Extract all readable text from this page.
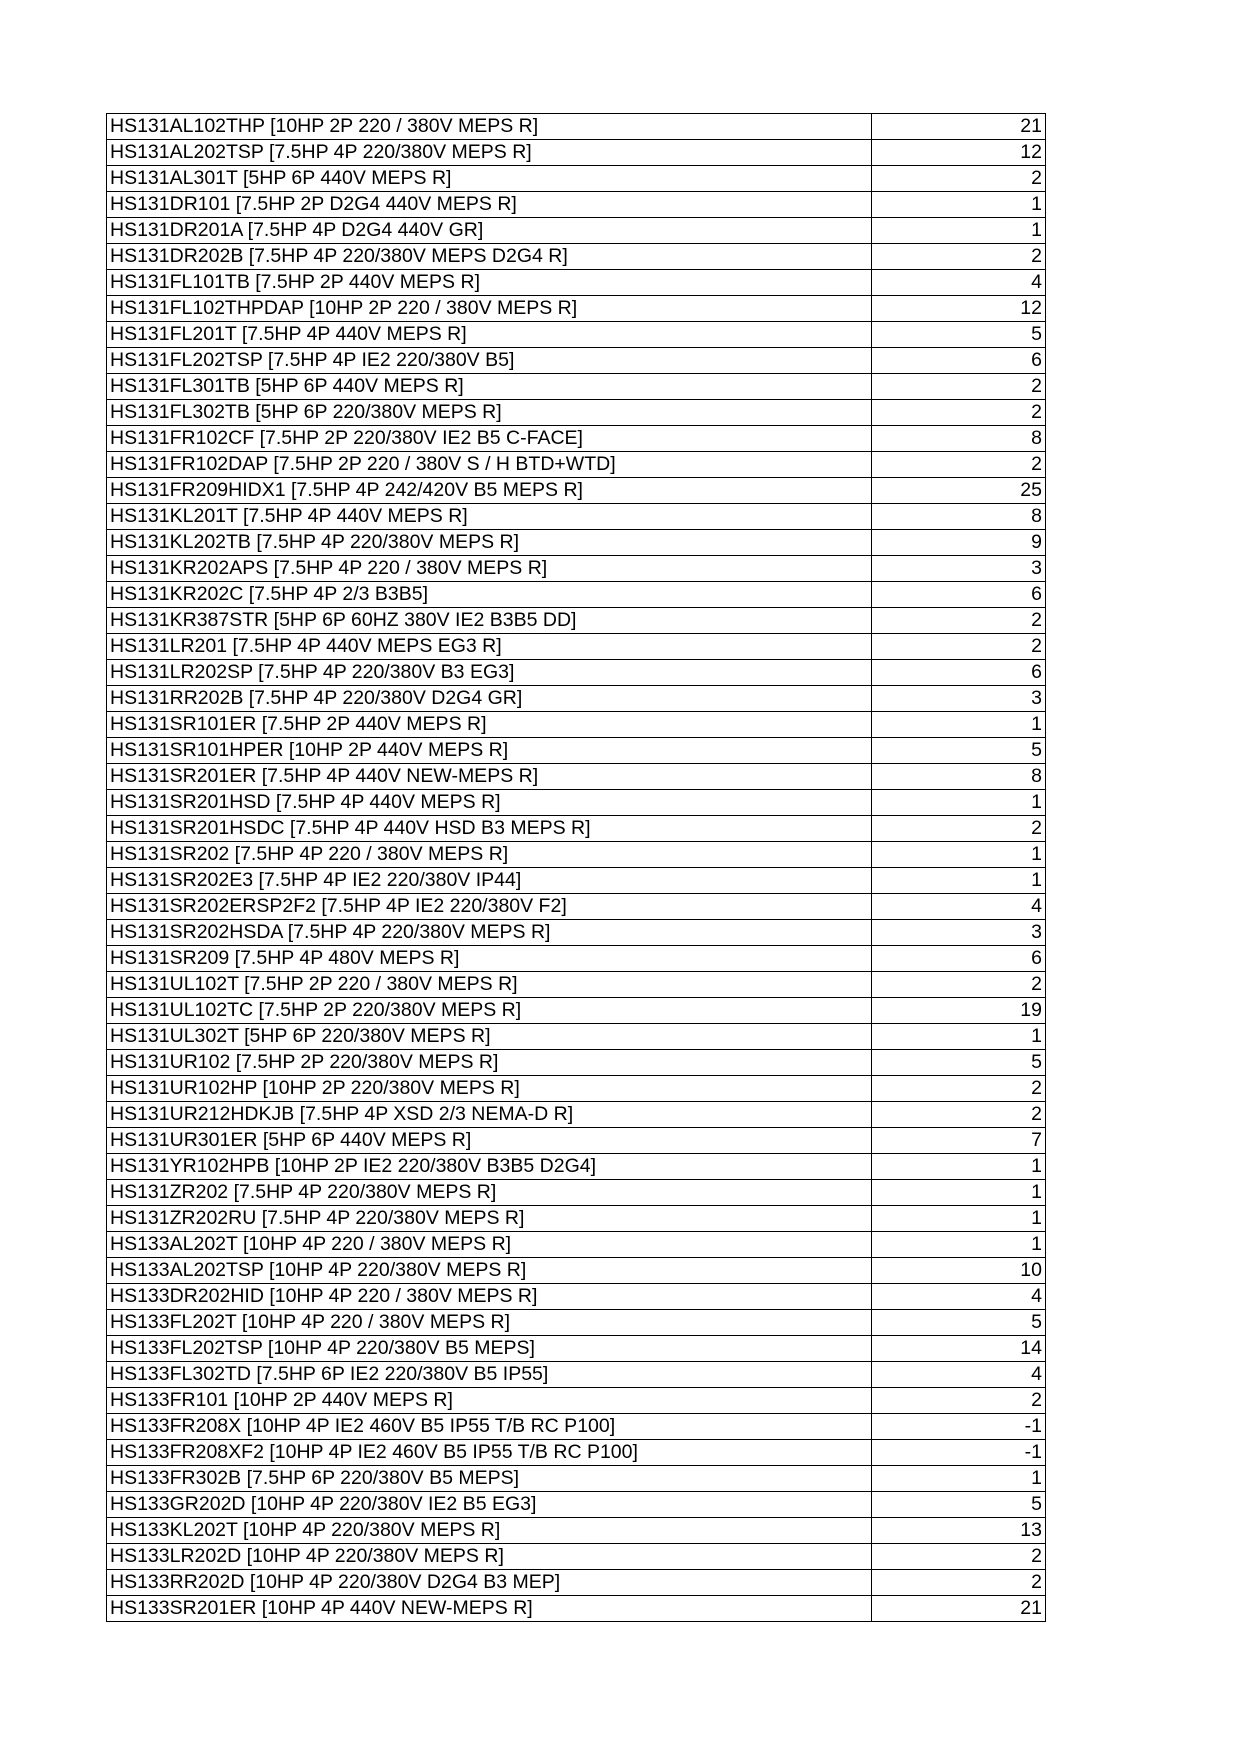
HS131AL102THP [10HP 2P 220 / 380V MEPS R]	21
HS131AL202TSP [7.5HP 4P 220/380V MEPS R]	12
HS131AL301T [5HP 6P 440V MEPS R]	2
HS131DR101 [7.5HP 2P D2G4 440V MEPS R]	1
HS131DR201A [7.5HP 4P D2G4 440V GR]	1
HS131DR202B [7.5HP 4P 220/380V MEPS D2G4 R]	2
HS131FL101TB [7.5HP 2P 440V MEPS R]	4
HS131FL102THPDAP [10HP 2P 220 / 380V MEPS R]	12
HS131FL201T [7.5HP 4P 440V MEPS R]	5
HS131FL202TSP [7.5HP 4P IE2 220/380V B5]	6
HS131FL301TB [5HP 6P 440V MEPS R]	2
HS131FL302TB [5HP 6P 220/380V MEPS R]	2
HS131FR102CF [7.5HP 2P 220/380V IE2 B5 C-FACE]	8
HS131FR102DAP [7.5HP 2P 220 / 380V S / H BTD+WTD]	2
HS131FR209HIDX1 [7.5HP 4P 242/420V B5 MEPS R]	25
HS131KL201T [7.5HP 4P 440V MEPS R]	8
HS131KL202TB [7.5HP 4P 220/380V MEPS R]	9
HS131KR202APS [7.5HP 4P 220 / 380V MEPS R]	3
HS131KR202C [7.5HP 4P 2/3 B3B5]	6
HS131KR387STR [5HP 6P 60HZ 380V IE2 B3B5 DD]	2
HS131LR201 [7.5HP 4P 440V MEPS EG3 R]	2
HS131LR202SP [7.5HP 4P 220/380V B3 EG3]	6
HS131RR202B [7.5HP 4P 220/380V D2G4 GR]	3
HS131SR101ER [7.5HP 2P 440V MEPS R]	1
HS131SR101HPER [10HP 2P 440V MEPS R]	5
HS131SR201ER [7.5HP 4P 440V NEW-MEPS R]	8
HS131SR201HSD [7.5HP 4P 440V MEPS R]	1
HS131SR201HSDC [7.5HP 4P 440V HSD B3 MEPS R]	2
HS131SR202 [7.5HP 4P 220 / 380V MEPS R]	1
HS131SR202E3 [7.5HP 4P IE2 220/380V IP44]	1
HS131SR202ERSP2F2 [7.5HP 4P IE2 220/380V F2]	4
HS131SR202HSDA [7.5HP 4P 220/380V MEPS R]	3
HS131SR209 [7.5HP 4P 480V MEPS R]	6
HS131UL102T [7.5HP 2P 220 / 380V MEPS R]	2
HS131UL102TC [7.5HP 2P 220/380V MEPS R]	19
HS131UL302T [5HP 6P 220/380V MEPS R]	1
HS131UR102 [7.5HP 2P 220/380V MEPS R]	5
HS131UR102HP [10HP 2P 220/380V MEPS R]	2
HS131UR212HDKJB [7.5HP 4P XSD 2/3 NEMA-D R]	2
HS131UR301ER [5HP 6P 440V MEPS R]	7
HS131YR102HPB [10HP 2P IE2 220/380V B3B5 D2G4]	1
HS131ZR202 [7.5HP 4P 220/380V MEPS R]	1
HS131ZR202RU [7.5HP 4P 220/380V MEPS R]	1
HS133AL202T [10HP 4P 220 / 380V MEPS R]	1
HS133AL202TSP [10HP 4P 220/380V MEPS R]	10
HS133DR202HID [10HP 4P 220 / 380V MEPS R]	4
HS133FL202T [10HP 4P 220 / 380V MEPS R]	5
HS133FL202TSP [10HP 4P 220/380V B5 MEPS]	14
HS133FL302TD [7.5HP 6P IE2 220/380V B5 IP55]	4
HS133FR101 [10HP 2P 440V MEPS R]	2
HS133FR208X [10HP 4P IE2 460V B5 IP55 T/B RC P100]	-1
HS133FR208XF2 [10HP 4P IE2 460V B5 IP55 T/B RC P100]	-1
HS133FR302B [7.5HP 6P 220/380V B5 MEPS]	1
HS133GR202D [10HP 4P 220/380V IE2 B5 EG3]	5
HS133KL202T [10HP 4P 220/380V MEPS R]	13
HS133LR202D [10HP 4P 220/380V MEPS R]	2
HS133RR202D [10HP 4P 220/380V D2G4 B3 MEP]	2
HS133SR201ER [10HP 4P 440V NEW-MEPS R]	21
